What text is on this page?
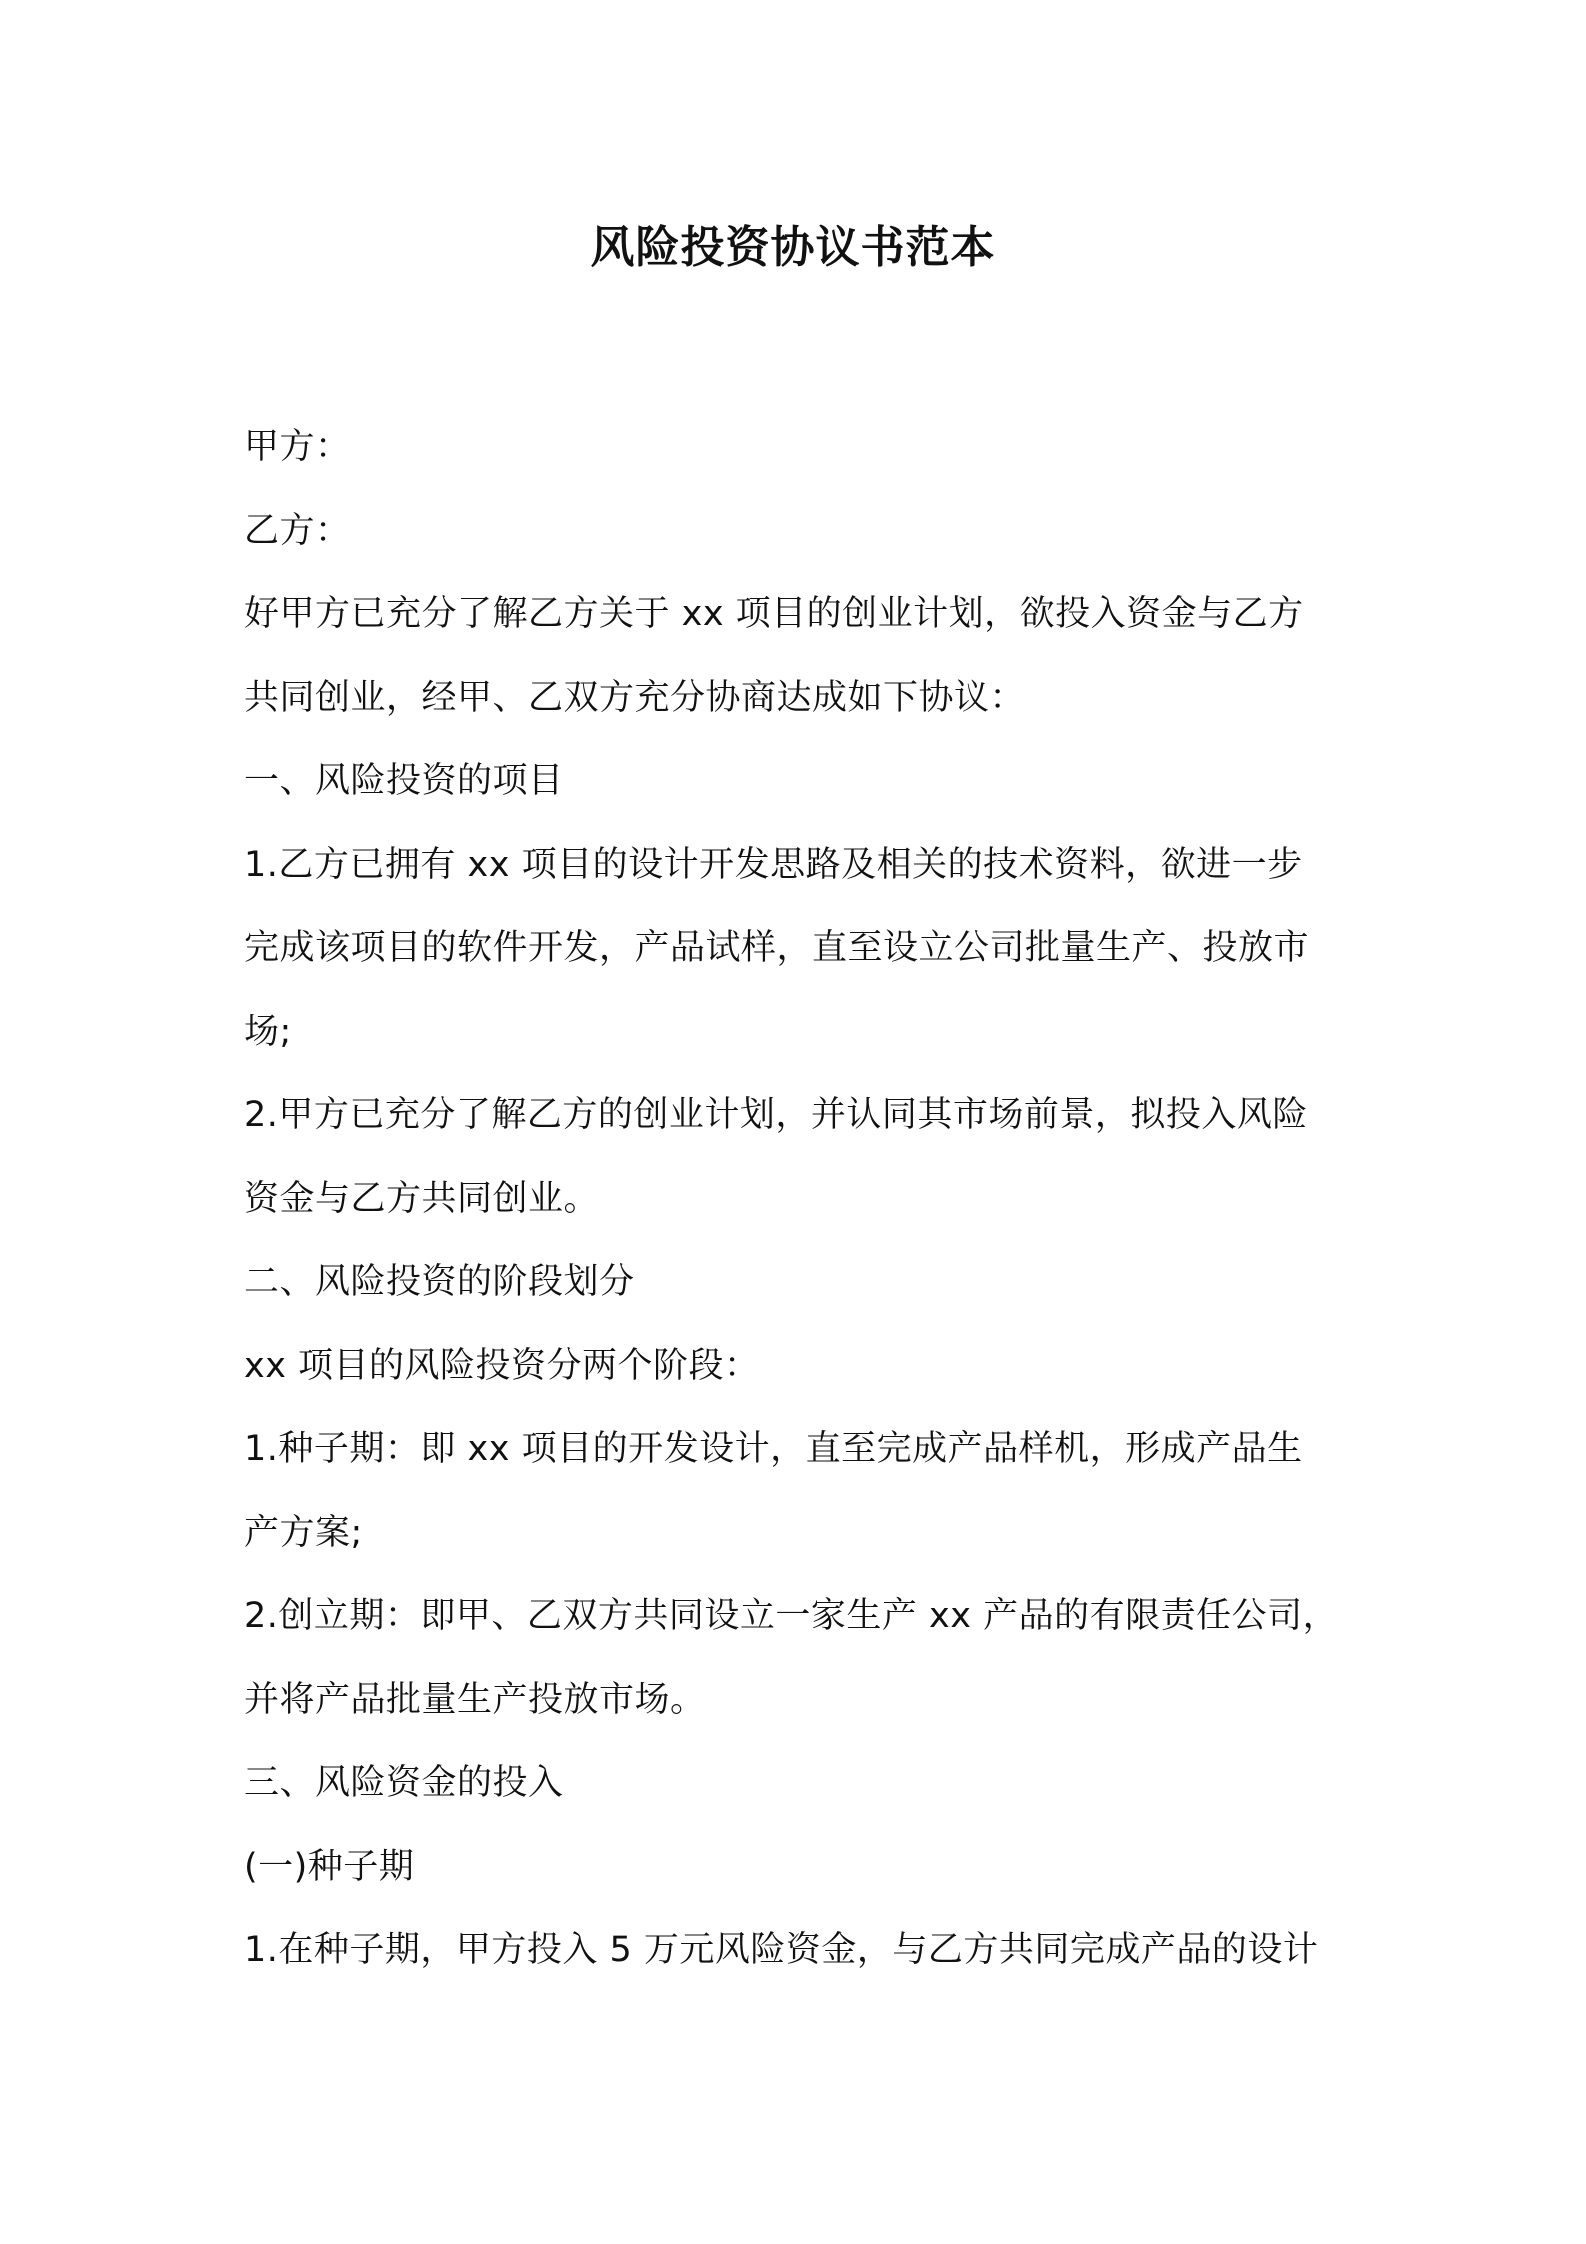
风险投资协议书范本
甲方：
乙方：
好甲方已充分了解乙方关于 xx 项目的创业计划，欲投入资金与乙方
共同创业，经甲、乙双方充分协商达成如下协议：
一、风险投资的项目
1.乙方已拥有 xx 项目的设计开发思路及相关的技术资料，欲进一步
完成该项目的软件开发，产品试样，直至设立公司批量生产、投放市
场;
2.甲方已充分了解乙方的创业计划，并认同其市场前景，拟投入风险
资金与乙方共同创业。
二、风险投资的阶段划分
xx 项目的风险投资分两个阶段：
1.种子期：即 xx 项目的开发设计，直至完成产品样机，形成产品生
产方案;
2.创立期：即甲、乙双方共同设立一家生产 xx 产品的有限责任公司，
并将产品批量生产投放市场。
三、风险资金的投入
(一)种子期
1.在种子期，甲方投入 5 万元风险资金，与乙方共同完成产品的设计
